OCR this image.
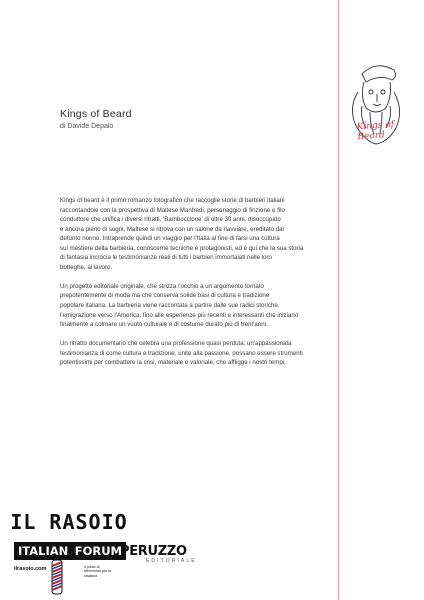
Kings of Beard
di Davide Depalo	Kings of Beard

Kings of beard è il primo romanzo fotografico che raccoglie storie di barbieri italiani
raccontandole con la prospettiva di Maltese Manfredi, personaggio di finzione e filo
conduttore che unifica i diversi ritratti. 'Bamboccione' di oltre 30 anni, disoccupato
e ancora pieno di sogni, Maltese si ritrova con un salone da riavviare, ereditato dal
defunto nonno. Intraprende quindi un viaggio per l'Italia al fine di farsi una cultura
sul mestiere della barbieria, conoscerne tecniche e protagonisti, ed è qui che la sua storia
di fantasia incrocia le testimonianze reali di tutti i barbieri immortalati nelle loro
botteghe, al lavoro.

Un progetto editoriale originale, che strizza l'occhio a un argomento tornato
prepotentemente di moda ma che conserva solide basi di cultura e tradizione
popolare italiana. La barbieria viene raccontata a partire dalle sue radici storiche,
l'emigrazione verso l'America, fino alle esperienze più recenti e interessanti che iniziano
finalmente a colmare un vuoto culturale e di costume durato più di trent'anni.

Un ritratto documentario che celebra una professione quasi perduta; un'appassionata
testimonianza di come cultura e tradizione, unite alla passione, possano essere strumenti
potentissimi per combattere la crisi, materiale e valoriale, che affligge i nostri tempi.

IL RASOIO
ITALIAN FORUM
ilrasoio.com	il punto di riferimento per la rasatura
PERUZZO
EDITORIALE
